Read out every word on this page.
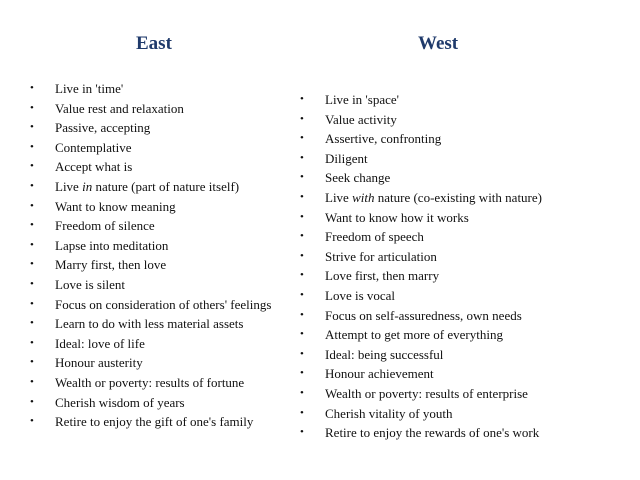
East	West
• Live in 'time'
• Value rest and relaxation
• Passive, accepting
• Contemplative
• Accept what is
• Live in nature (part of nature itself)
• Want to know meaning
• Freedom of silence
• Lapse into meditation
• Marry first, then love
• Love is silent
• Focus on consideration of others' feelings
• Learn to do with less material assets
• Ideal: love of life
• Honour austerity
• Wealth or poverty: results of fortune
• Cherish wisdom of years
• Retire to enjoy the gift of one's family
• Live in 'space'
• Value activity
• Assertive, confronting
• Diligent
• Seek change
• Live with nature (co-existing with nature)
• Want to know how it works
• Freedom of speech
• Strive for articulation
• Love first, then marry
• Love is vocal
• Focus on self-assuredness, own needs
• Attempt to get more of everything
• Ideal: being successful
• Honour achievement
• Wealth or poverty: results of enterprise
• Cherish vitality of youth
• Retire to enjoy the rewards of one's work
